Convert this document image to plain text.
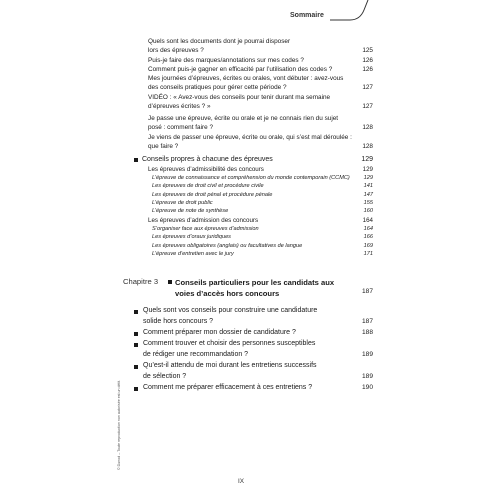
Sommaire
Quels sont les documents dont je pourrai disposer lors des épreuves ?	125
Puis-je faire des marques/annotations sur mes codes ?	126
Comment puis-je gagner en efficacité par l’utilisation des codes ?	126
Mes journées d’épreuves, écrites ou orales, vont débuter : avez-vous des conseils pratiques pour gérer cette période ?	127
VIDÉO : « Avez-vous des conseils pour tenir durant ma semaine d’épreuves écrites ? »	127
Je passe une épreuve, écrite ou orale et je ne connais rien du sujet posé : comment faire ?	128
Je viens de passer une épreuve, écrite ou orale, qui s’est mal déroulée : que faire ?	128
Conseils propres à chacune des épreuves	129
Les épreuves d’admissibilité des concours	129
L’épreuve de connaissance et compréhension du monde contemporain (CCMC)	129
Les épreuves de droit civil et procédure civile	141
Les épreuves de droit pénal et procédure pénale	147
L’épreuve de droit public	155
L’épreuve de note de synthèse	160
Les épreuves d’admission des concours	164
S’organiser face aux épreuves d’admission	164
Les épreuves d’oraux juridiques	166
Les épreuves obligatoires (anglais) ou facultatives de langue	169
L’épreuve d’entretien avec le jury	171
Chapitre 3 Conseils particuliers pour les candidats aux voies d’accès hors concours	187
Quels sont vos conseils pour construire une candidature solide hors concours ?	187
Comment préparer mon dossier de candidature ?	188
Comment trouver et choisir des personnes susceptibles de rédiger une recommandation ?	189
Qu’est-il attendu de moi durant les entretiens successifs de sélection ?	189
Comment me préparer efficacement à ces entretiens ?	190
© Dunod – Toute reproduction non autorisée est un délit.
IX
